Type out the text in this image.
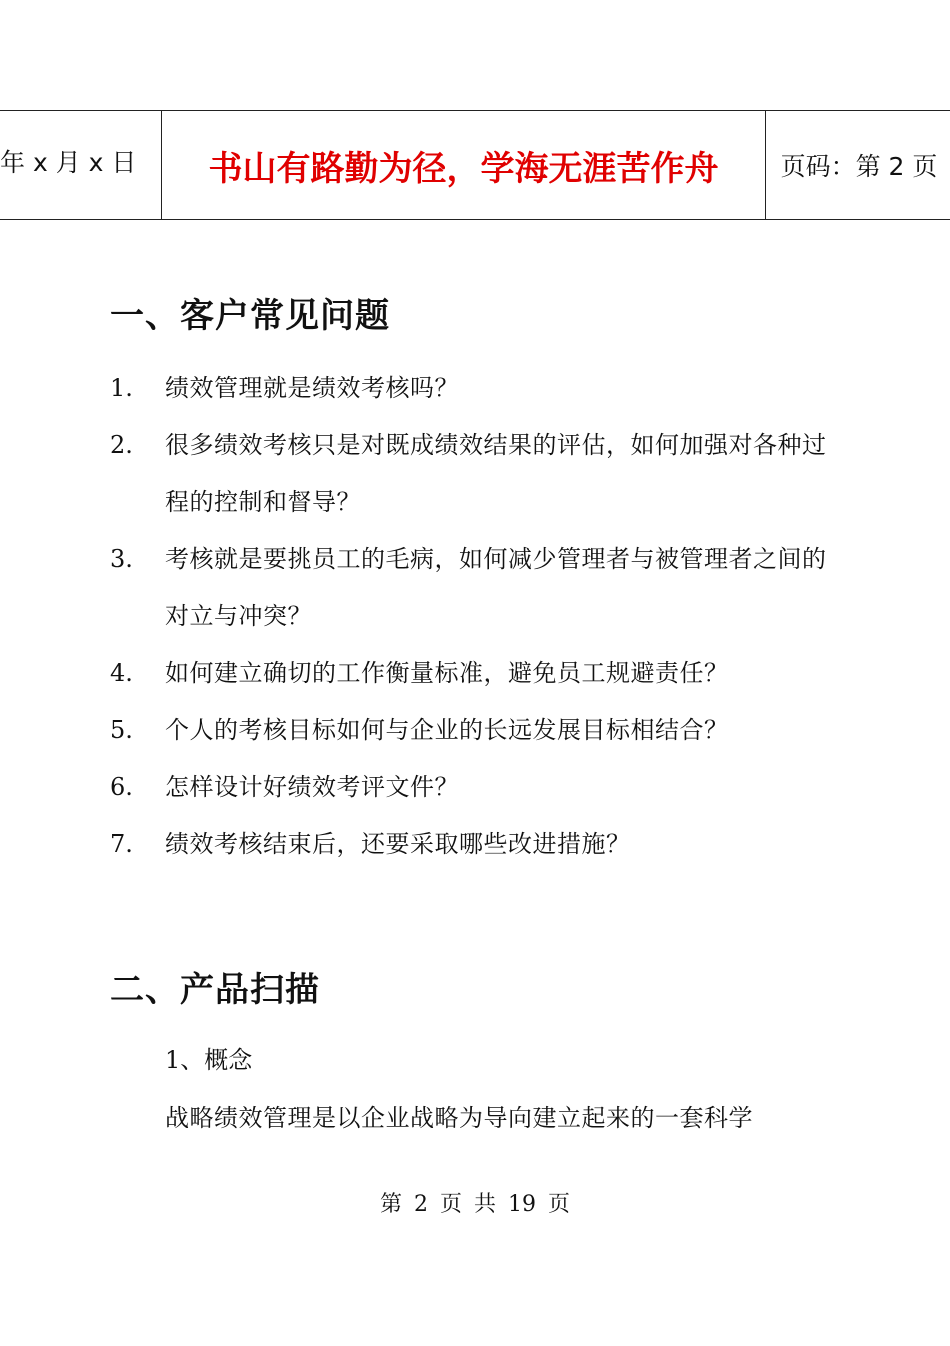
年 x 月 x 日	书山有路勤为径，学海无涯苦作舟	页码：第 2 页
一、客户常见问题
1.	绩效管理就是绩效考核吗？
2.	很多绩效考核只是对既成绩效结果的评估，如何加强对各种过程的控制和督导？
3.	考核就是要挑员工的毛病，如何减少管理者与被管理者之间的对立与冲突？
4.	如何建立确切的工作衡量标准，避免员工规避责任？
5.	个人的考核目标如何与企业的长远发展目标相结合？
6.	怎样设计好绩效考评文件？
7.	绩效考核结束后，还要采取哪些改进措施？
二、产品扫描
1、概念
战略绩效管理是以企业战略为导向建立起来的一套科学
第 2 页 共 19 页
